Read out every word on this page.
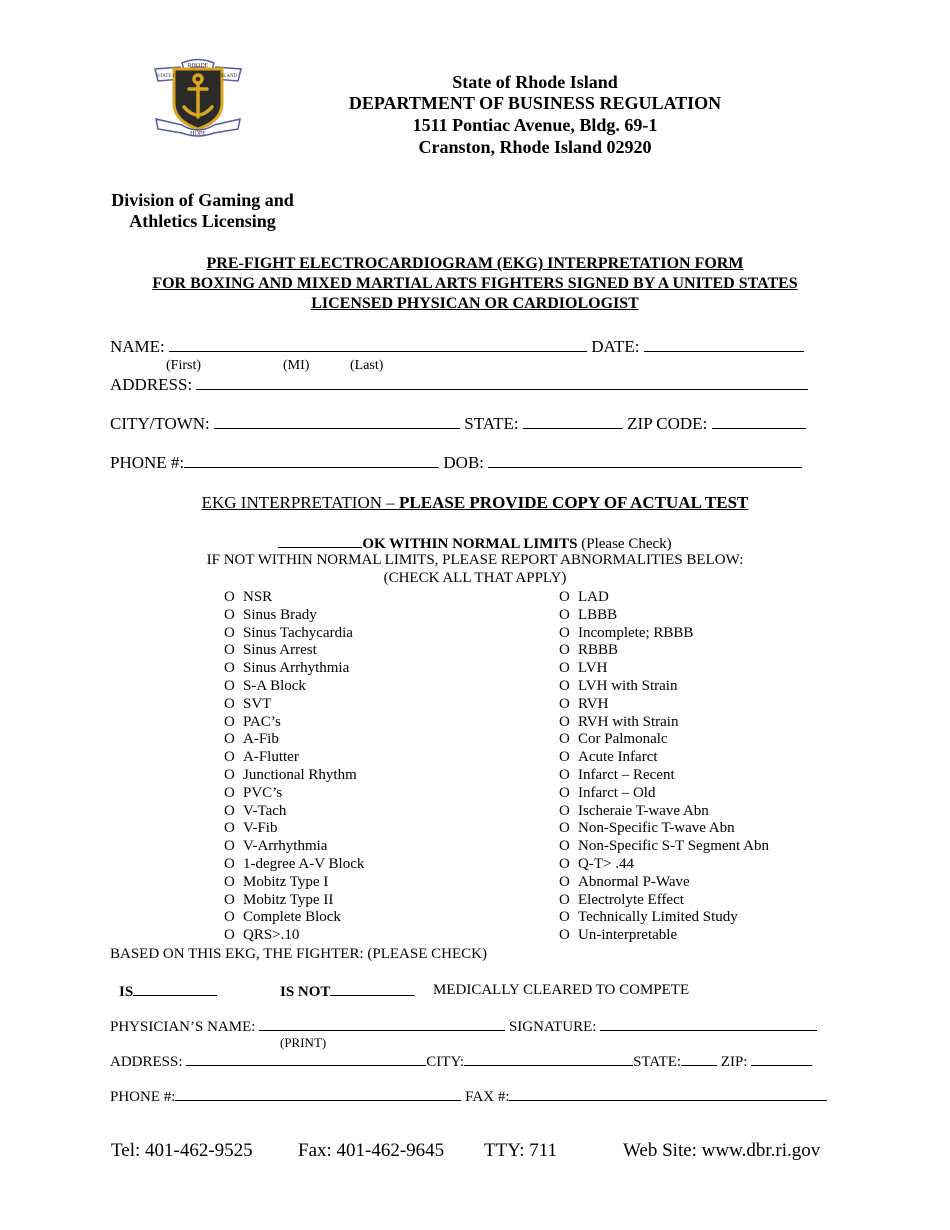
RHODE
STATE OF	ISLAND
HOPE
State of Rhode Island
DEPARTMENT OF BUSINESS REGULATION
1511 Pontiac Avenue, Bldg. 69-1
Cranston, Rhode Island 02920
Division of Gaming and
Athletics Licensing
PRE-FIGHT ELECTROCARDIOGRAM (EKG) INTERPRETATION FORM
FOR BOXING AND MIXED MARTIAL ARTS FIGHTERS SIGNED BY A UNITED STATES
LICENSED PHYSICAN OR CARDIOLOGIST
NAME:	DATE:
(First)	(MI)	(Last)
ADDRESS:
CITY/TOWN:	STATE:	ZIP CODE:
PHONE #:	DOB:
EKG INTERPRETATION – PLEASE PROVIDE COPY OF ACTUAL TEST
OK WITHIN NORMAL LIMITS (Please Check)
IF NOT WITHIN NORMAL LIMITS, PLEASE REPORT ABNORMALITIES BELOW:
(CHECK ALL THAT APPLY)
O NSR
O Sinus Brady
O Sinus Tachycardia
O Sinus Arrest
O Sinus Arrhythmia
O S-A Block
O SVT
O PAC’s
O A-Fib
O A-Flutter
O Junctional Rhythm
O PVC’s
O V-Tach
O V-Fib
O V-Arrhythmia
O 1-degree A-V Block
O Mobitz Type I
O Mobitz Type II
O Complete Block
O QRS>.10
O LAD
O LBBB
O Incomplete; RBBB
O RBBB
O LVH
O LVH with Strain
O RVH
O RVH with Strain
O Cor Palmonalc
O Acute Infarct
O Infarct – Recent
O Infarct – Old
O Ischeraie T-wave Abn
O Non-Specific T-wave Abn
O Non-Specific S-T Segment Abn
O Q-T> .44
O Abnormal P-Wave
O Electrolyte Effect
O Technically Limited Study
O Un-interpretable
BASED ON THIS EKG, THE FIGHTER: (PLEASE CHECK)
IS	IS NOT	MEDICALLY CLEARED TO COMPETE
PHYSICIAN’S NAME:	SIGNATURE:
(PRINT)
ADDRESS:	CITY:	STATE:	ZIP:
PHONE #:	FAX #:
Tel: 401-462-9525 Fax: 401-462-9645 TTY: 711	Web Site: www.dbr.ri.gov
